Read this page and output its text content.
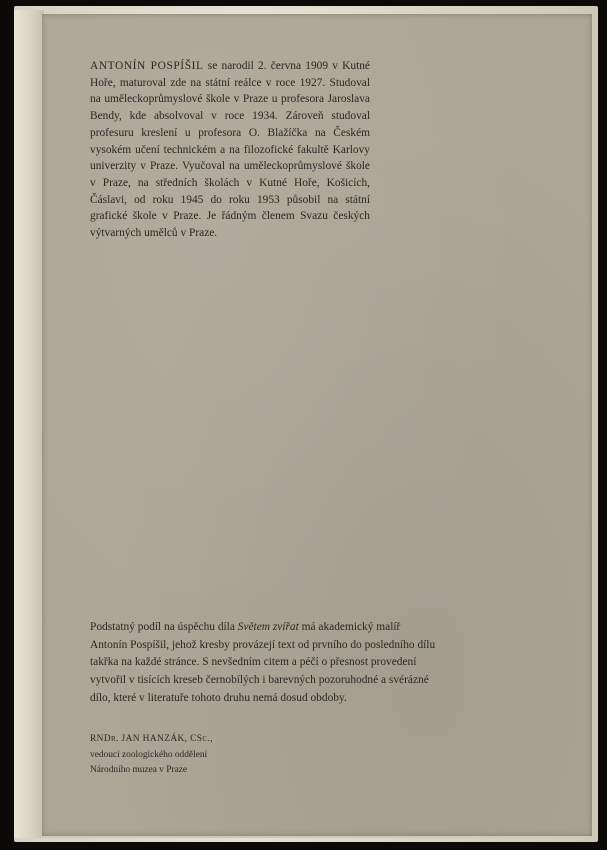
ANTONÍN POSPÍŠIL se narodil 2. června 1909 v Kutné Hoře, maturoval zde na státní reálce v roce 1927. Studoval na uměleckoprůmyslové škole v Praze u profesora Jaroslava Bendy, kde absolvoval v roce 1934. Zároveň studoval profesuru kreslení u profesora O. Blažíčka na Českém vysokém učení technickém a na filozofické fakultě Karlovy univerzity v Praze. Vyučoval na uměleckoprůmyslové škole v Praze, na středních školách v Kutné Hoře, Košicích, Čáslavi, od roku 1945 do roku 1953 působil na státní grafické škole v Praze. Je řádným členem Svazu českých výtvarných umělců v Praze.

Podstatný podíl na úspěchu díla Světem zvířat má akademický malíř Antonín Pospíšil, jehož kresby provázejí text od prvního do posledního dílu takřka na každé stránce. S nevšedním citem a péčí o přesnost provedení vytvořil v tisících kreseb černobílých i barevných pozoruhodné a svérázné dílo, které v literatuře tohoto druhu nemá dosud obdoby.

RNDr. JAN HANZÁK, CSc.,
vedoucí zoologického oddělení
Národního muzea v Praze
